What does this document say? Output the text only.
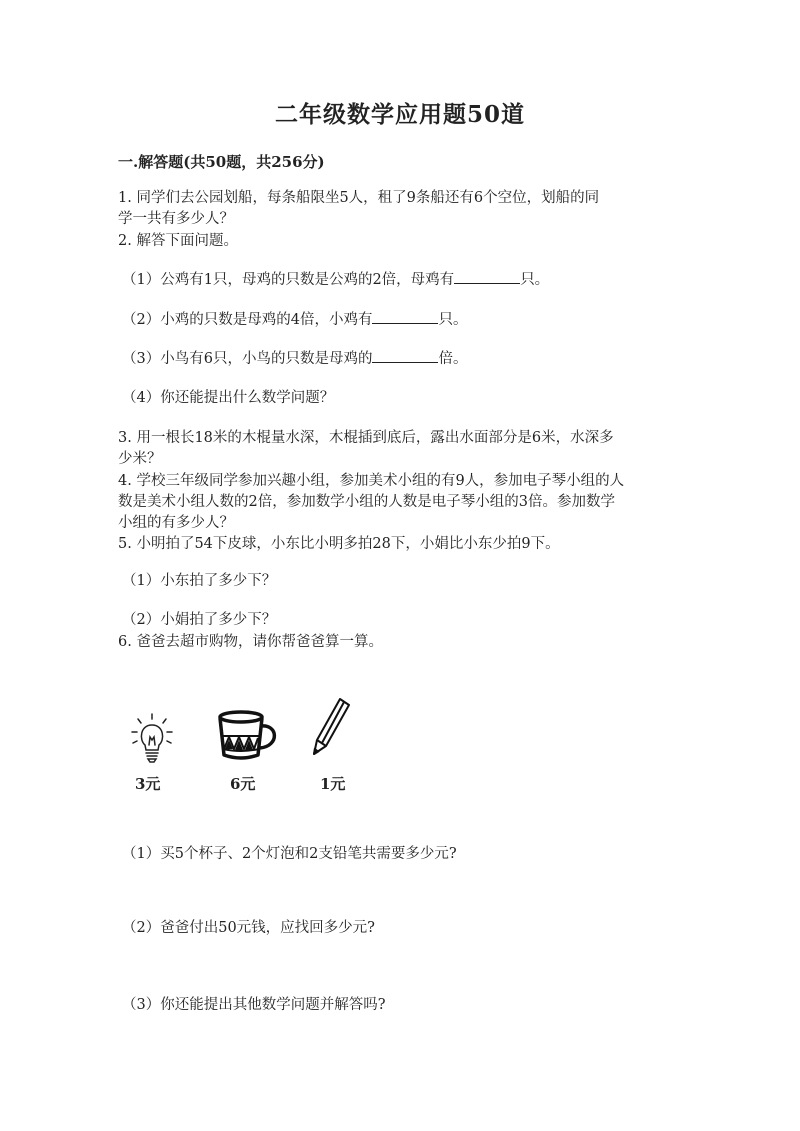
二年级数学应用题50道
一.解答题(共50题，共256分)
1. 同学们去公园划船，每条船限坐5人，租了9条船还有6个空位，划船的同
学一共有多少人？
2. 解答下面问题。
（1）公鸡有1只，母鸡的只数是公鸡的2倍，母鸡有	只。
（2）小鸡的只数是母鸡的4倍，小鸡有	只。
（3）小鸟有6只，小鸟的只数是母鸡的	倍。
（4）你还能提出什么数学问题？
3. 用一根长18米的木棍量水深，木棍插到底后，露出水面部分是6米，水深多
少米？
4. 学校三年级同学参加兴趣小组，参加美术小组的有9人，参加电子琴小组的人
数是美术小组人数的2倍，参加数学小组的人数是电子琴小组的3倍。参加数学
小组的有多少人？
5. 小明拍了54下皮球，小东比小明多拍28下，小娟比小东少拍9下。
（1）小东拍了多少下？
（2）小娟拍了多少下？
6. 爸爸去超市购物，请你帮爸爸算一算。
3元	6元	1元
（1）买5个杯子、2个灯泡和2支铅笔共需要多少元?
（2）爸爸付出50元钱，应找回多少元?
（3）你还能提出其他数学问题并解答吗?
